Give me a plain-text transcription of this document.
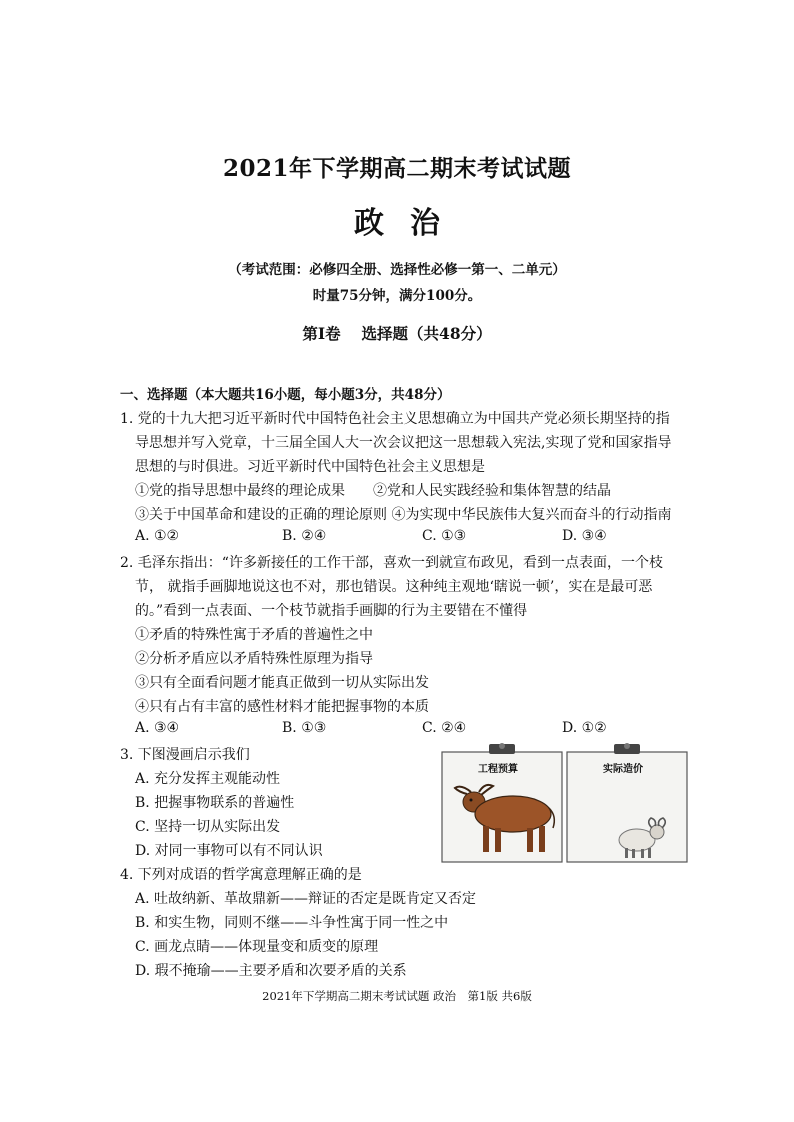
2021年下学期高二期末考试试题
政治
（考试范围：必修四全册、选择性必修一第一、二单元）
时量75分钟，满分100分。
第Ⅰ卷　 选择题（共48分）
一、选择题（本大题共16小题，每小题3分，共48分）
1. 党的十九大把习近平新时代中国特色社会主义思想确立为中国共产党必须长期坚持的指
导思想并写入党章，十三届全国人大一次会议把这一思想载入宪法,实现了党和国家指导
思想的与时俱进。习近平新时代中国特色社会主义思想是
①党的指导思想中最终的理论成果　　②党和人民实践经验和集体智慧的结晶
③关于中国革命和建设的正确的理论原则 ④为实现中华民族伟大复兴而奋斗的行动指南
A. ①②	B. ②④	C. ①③	D. ③④
2. 毛泽东指出：“许多新接任的工作干部，喜欢一到就宣布政见，看到一点表面，一个枝
节， 就指手画脚地说这也不对，那也错误。这种纯主观地‘瞎说一顿’，实在是最可恶
的。”看到一点表面、一个枝节就指手画脚的行为主要错在不懂得
①矛盾的特殊性寓于矛盾的普遍性之中
②分析矛盾应以矛盾特殊性原理为指导
③只有全面看问题才能真正做到一切从实际出发
④只有占有丰富的感性材料才能把握事物的本质
A. ③④	B. ①③	C. ②④	D. ①②
3. 下图漫画启示我们
A. 充分发挥主观能动性
B. 把握事物联系的普遍性
C. 坚持一切从实际出发
D. 对同一事物可以有不同认识
工程预算	实际造价
4. 下列对成语的哲学寓意理解正确的是
A. 吐故纳新、革故鼎新——辩证的否定是既肯定又否定
B. 和实生物，同则不继——斗争性寓于同一性之中
C. 画龙点睛——体现量变和质变的原理
D. 瑕不掩瑜——主要矛盾和次要矛盾的关系
2021年下学期高二期末考试试题 政治　第1版 共6版
